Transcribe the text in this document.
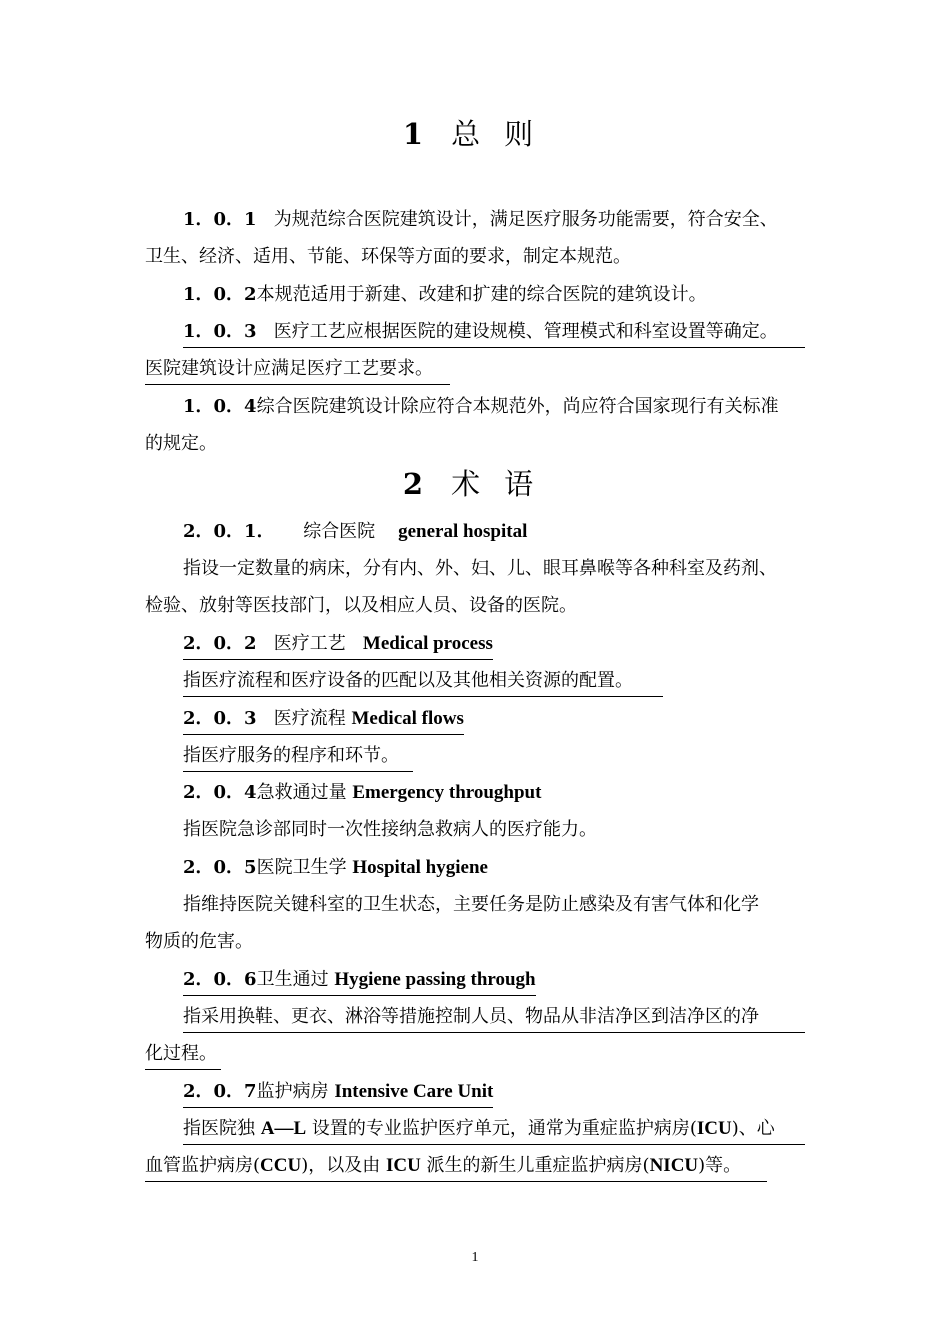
1 总 则
1．0．1 为规范综合医院建筑设计，满足医疗服务功能需要，符合安全、
卫生、经济、适用、节能、环保等方面的要求，制定本规范。
1．0．2本规范适用于新建、改建和扩建的综合医院的建筑设计。
1．0．3 医疗工艺应根据医院的建设规模、管理模式和科室设置等确定。
医院建筑设计应满足医疗工艺要求。
1．0．4综合医院建筑设计除应符合本规范外，尚应符合国家现行有关标准
的规定。
2 术 语
2．0．1． 综合医院 general hospital
指设一定数量的病床，分有内、外、妇、儿、眼耳鼻喉等各种科室及药剂、
检验、放射等医技部门，以及相应人员、设备的医院。
2．0．2 医疗工艺 Medical process
指医疗流程和医疗设备的匹配以及其他相关资源的配置。
2．0．3 医疗流程 Medical flows
指医疗服务的程序和环节。
2．0．4急救通过量 Emergency throughput
指医院急诊部同时一次性接纳急救病人的医疗能力。
2．0．5医院卫生学 Hospital hygiene
指维持医院关键科室的卫生状态，主要任务是防止感染及有害气体和化学
物质的危害。
2．0．6卫生通过 Hygiene passing through
指采用换鞋、更衣、淋浴等措施控制人员、物品从非洁净区到洁净区的净
化过程。
2．0．7监护病房 Intensive Care Unit
指医院独 A—L 设置的专业监护医疗单元，通常为重症监护病房(ICU)、心
血管监护病房(CCU)，以及由 ICU 派生的新生儿重症监护病房(NICU)等。
1
